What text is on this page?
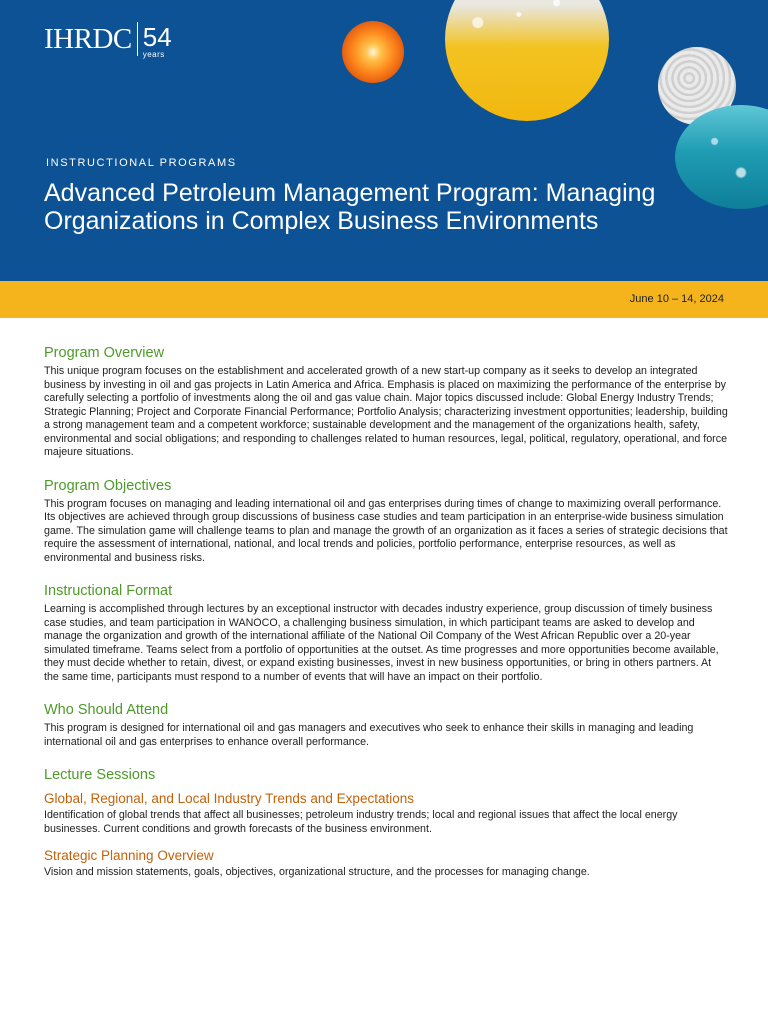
IHRDC 54
years
INSTRUCTIONAL PROGRAMS
Advanced Petroleum Management Program: Managing Organizations in Complex Business Environments
June 10 – 14, 2024
Program Overview

This unique program focuses on the establishment and accelerated growth of a new start-up company as it seeks to develop an integrated business by investing in oil and gas projects in Latin America and Africa. Emphasis is placed on maximizing the performance of the enterprise by carefully selecting a portfolio of investments along the oil and gas value chain. Major topics discussed include: Global Energy Industry Trends; Strategic Planning; Project and Corporate Financial Performance; Portfolio Analysis; characterizing investment opportunities; leadership, building a strong management team and a competent workforce; sustainable development and the management of the organizations health, safety, environmental and social obligations; and responding to challenges related to human resources, legal, political, regulatory, operational, and force majeure situations.

Program Objectives

This program focuses on managing and leading international oil and gas enterprises during times of change to maximizing overall performance. Its objectives are achieved through group discussions of business case studies and team participation in an enterprise-wide business simulation game. The simulation game will challenge teams to plan and manage the growth of an organization as it faces a series of strategic decisions that require the assessment of international, national, and local trends and policies, portfolio performance, enterprise resources, as well as environmental and business risks.

Instructional Format

Learning is accomplished through lectures by an exceptional instructor with decades industry experience, group discussion of timely business case studies, and team participation in WANOCO, a challenging business simulation, in which participant teams are asked to develop and manage the organization and growth of the international affiliate of the National Oil Company of the West African Republic over a 20-year simulated timeframe. Teams select from a portfolio of opportunities at the outset. As time progresses and more opportunities become available, they must decide whether to retain, divest, or expand existing businesses, invest in new business opportunities, or bring in others partners. At the same time, participants must respond to a number of events that will have an impact on their portfolio.

Who Should Attend

This program is designed for international oil and gas managers and executives who seek to enhance their skills in managing and leading international oil and gas enterprises to enhance overall performance.

Lecture Sessions
Global, Regional, and Local Industry Trends and Expectations

Identification of global trends that affect all businesses; petroleum industry trends; local and regional issues that affect the local energy businesses. Current conditions and growth forecasts of the business environment.

Strategic Planning Overview

Vision and mission statements, goals, objectives, organizational structure, and the processes for managing change.
